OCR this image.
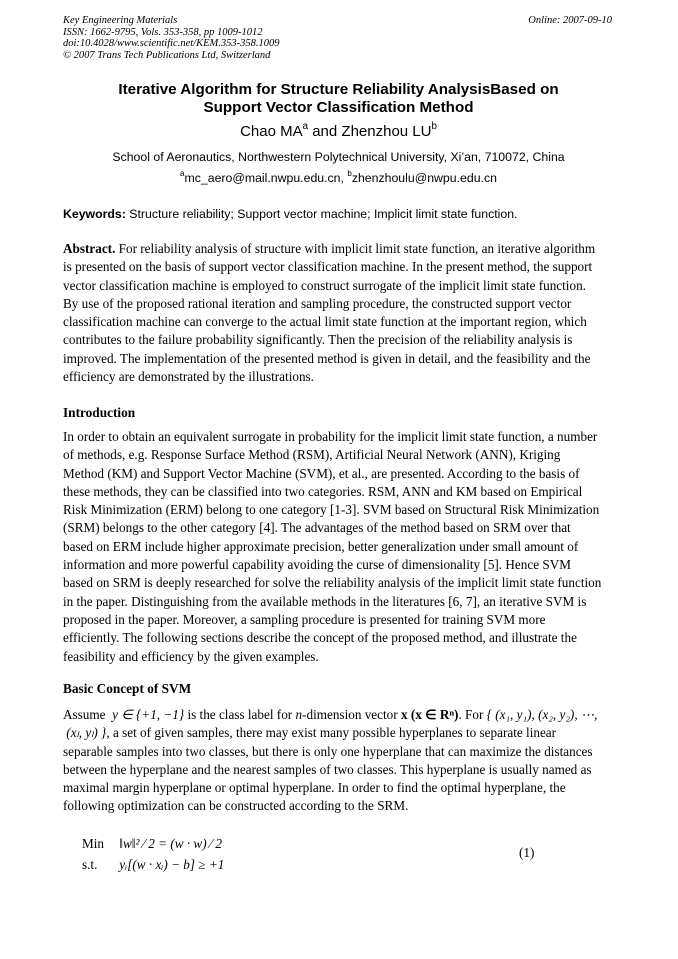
Key Engineering Materials
ISSN: 1662-9795, Vols. 353-358, pp 1009-1012
doi:10.4028/www.scientific.net/KEM.353-358.1009
© 2007 Trans Tech Publications Ltd, Switzerland
Online: 2007-09-10
Iterative Algorithm for Structure Reliability AnalysisBased on
Support Vector Classification Method
Chao $MA^a$ and Zhenzhou $LU^b$
School of Aeronautics, Northwestern Polytechnical University, Xi’an, 710072, China
$^a$mc_aero@mail.nwpu.edu.cn, $^b$zhenzhoulu@nwpu.edu.cn
Keywords: Structure reliability; Support vector machine; Implicit limit state function.
Abstract. For reliability analysis of structure with implicit limit state function, an iterative algorithm
is presented on the basis of support vector classification machine. In the present method, the support
vector classification machine is employed to construct surrogate of the implicit limit state function.
By use of the proposed rational iteration and sampling procedure, the constructed support vector
classification machine can converge to the actual limit state function at the important region, which
contributes to the failure probability significantly. Then the precision of the reliability analysis is
improved. The implementation of the presented method is given in detail, and the feasibility and the
efficiency are demonstrated by the illustrations.
Introduction
In order to obtain an equivalent surrogate in probability for the implicit limit state function, a number
of methods, e.g. Response Surface Method (RSM), Artificial Neural Network (ANN), Kriging
Method (KM) and Support Vector Machine (SVM), et al., are presented. According to the basis of
these methods, they can be classified into two categories. RSM, ANN and KM based on Empirical
Risk Minimization (ERM) belong to one category [1-3]. SVM based on Structural Risk Minimization
(SRM) belongs to the other category [4]. The advantages of the method based on SRM over that
based on ERM include higher approximate precision, better generalization under small amount of
information and more powerful capability avoiding the curse of dimensionality [5]. Hence SVM
based on SRM is deeply researched for solve the reliability analysis of the implicit limit state function
in the paper. Distinguishing from the available methods in the literatures [6, 7], an iterative SVM is
proposed in the paper. Moreover, a sampling procedure is presented for training SVM more
efficiently. The following sections describe the concept of the proposed method, and illustrate the
feasibility and efficiency by the given examples.
Basic Concept of SVM
Assume  y ∈ {+1, −1} is the class label for n-dimension vector x (x ∈ Rⁿ). For { (x₁, y₁), (x₂, y₂), ⋯,
(xₗ, yₗ) }, a set of given samples, there may exist many possible hyperplanes to separate linear
separable samples into two classes, but there is only one hyperplane that can maximize the distances
between the hyperplane and the nearest samples of two classes. This hyperplane is usually named as
maximal margin hyperplane or optimal hyperplane. In order to find the optimal hyperplane, the
following optimization can be constructed according to the SRM.
Min ‖w‖² ⁄ 2 = (w · w) ⁄ 2
s.t. yᵢ[(w · xᵢ) − b] ≥ +1
(1)
